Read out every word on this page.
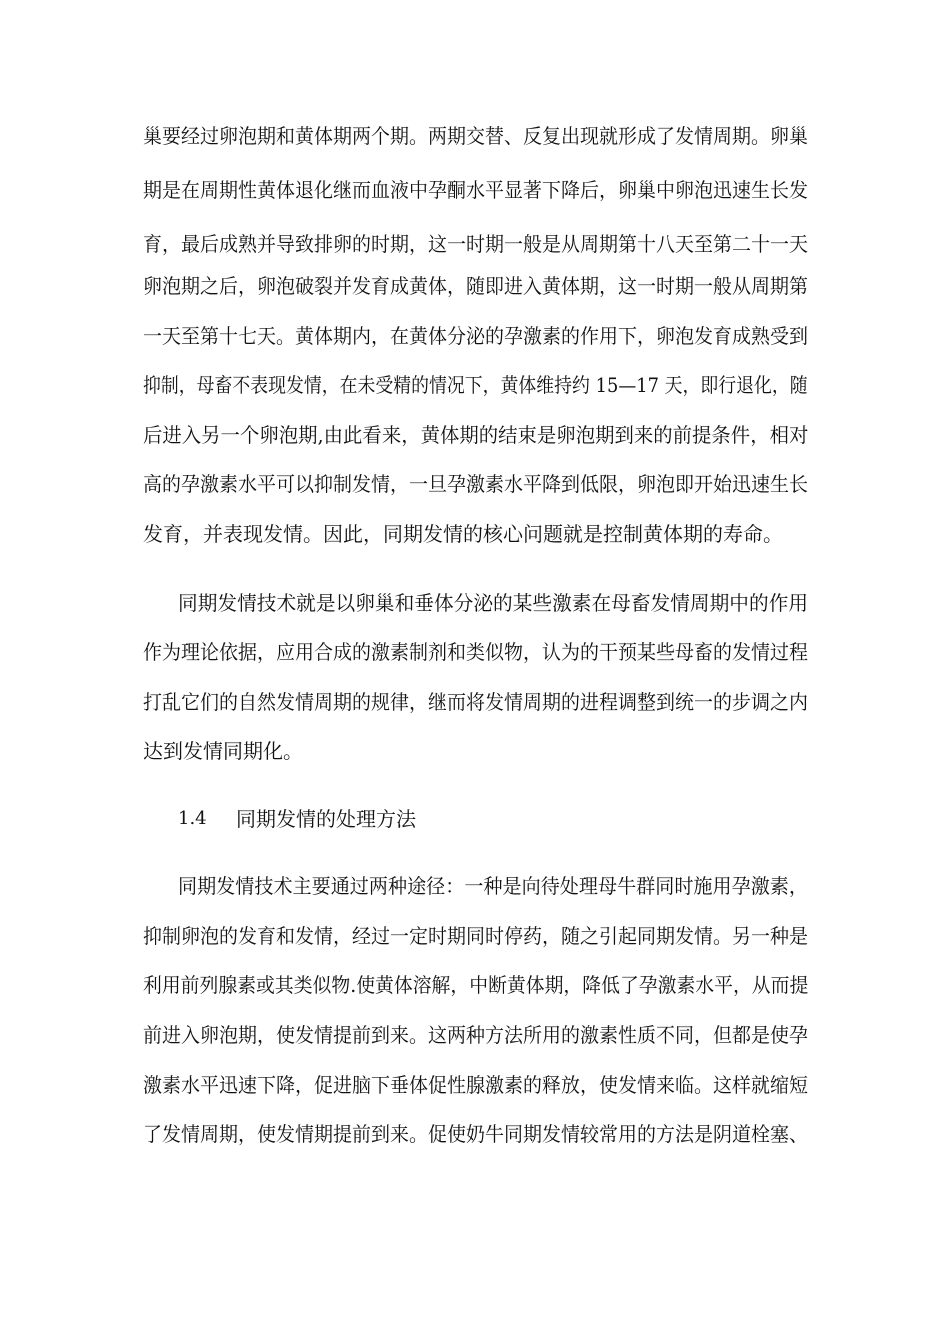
巢要经过卵泡期和黄体期两个期。两期交替、反复出现就形成了发情周期。卵巢
期是在周期性黄体退化继而血液中孕酮水平显著下降后，卵巢中卵泡迅速生长发
育，最后成熟并导致排卵的时期，这一时期一般是从周期第十八天至第二十一天
卵泡期之后，卵泡破裂并发育成黄体，随即进入黄体期，这一时期一般从周期第
一天至第十七天。黄体期内，在黄体分泌的孕激素的作用下，卵泡发育成熟受到
抑制，母畜不表现发情，在未受精的情况下，黄体维持约 15—17 天，即行退化，随
后进入另一个卵泡期,由此看来，黄体期的结束是卵泡期到来的前提条件，相对
高的孕激素水平可以抑制发情，一旦孕激素水平降到低限，卵泡即开始迅速生长
发育，并表现发情。因此，同期发情的核心问题就是控制黄体期的寿命。
同期发情技术就是以卵巢和垂体分泌的某些激素在母畜发情周期中的作用
作为理论依据，应用合成的激素制剂和类似物，认为的干预某些母畜的发情过程
打乱它们的自然发情周期的规律，继而将发情周期的进程调整到统一的步调之内
达到发情同期化。
1.4 同期发情的处理方法
同期发情技术主要通过两种途径：一种是向待处理母牛群同时施用孕激素，
抑制卵泡的发育和发情，经过一定时期同时停药，随之引起同期发情。另一种是
利用前列腺素或其类似物.使黄体溶解，中断黄体期，降低了孕激素水平，从而提
前进入卵泡期，使发情提前到来。这两种方法所用的激素性质不同，但都是使孕
激素水平迅速下降，促进脑下垂体促性腺激素的释放，使发情来临。这样就缩短
了发情周期，使发情期提前到来。促使奶牛同期发情较常用的方法是阴道栓塞、
